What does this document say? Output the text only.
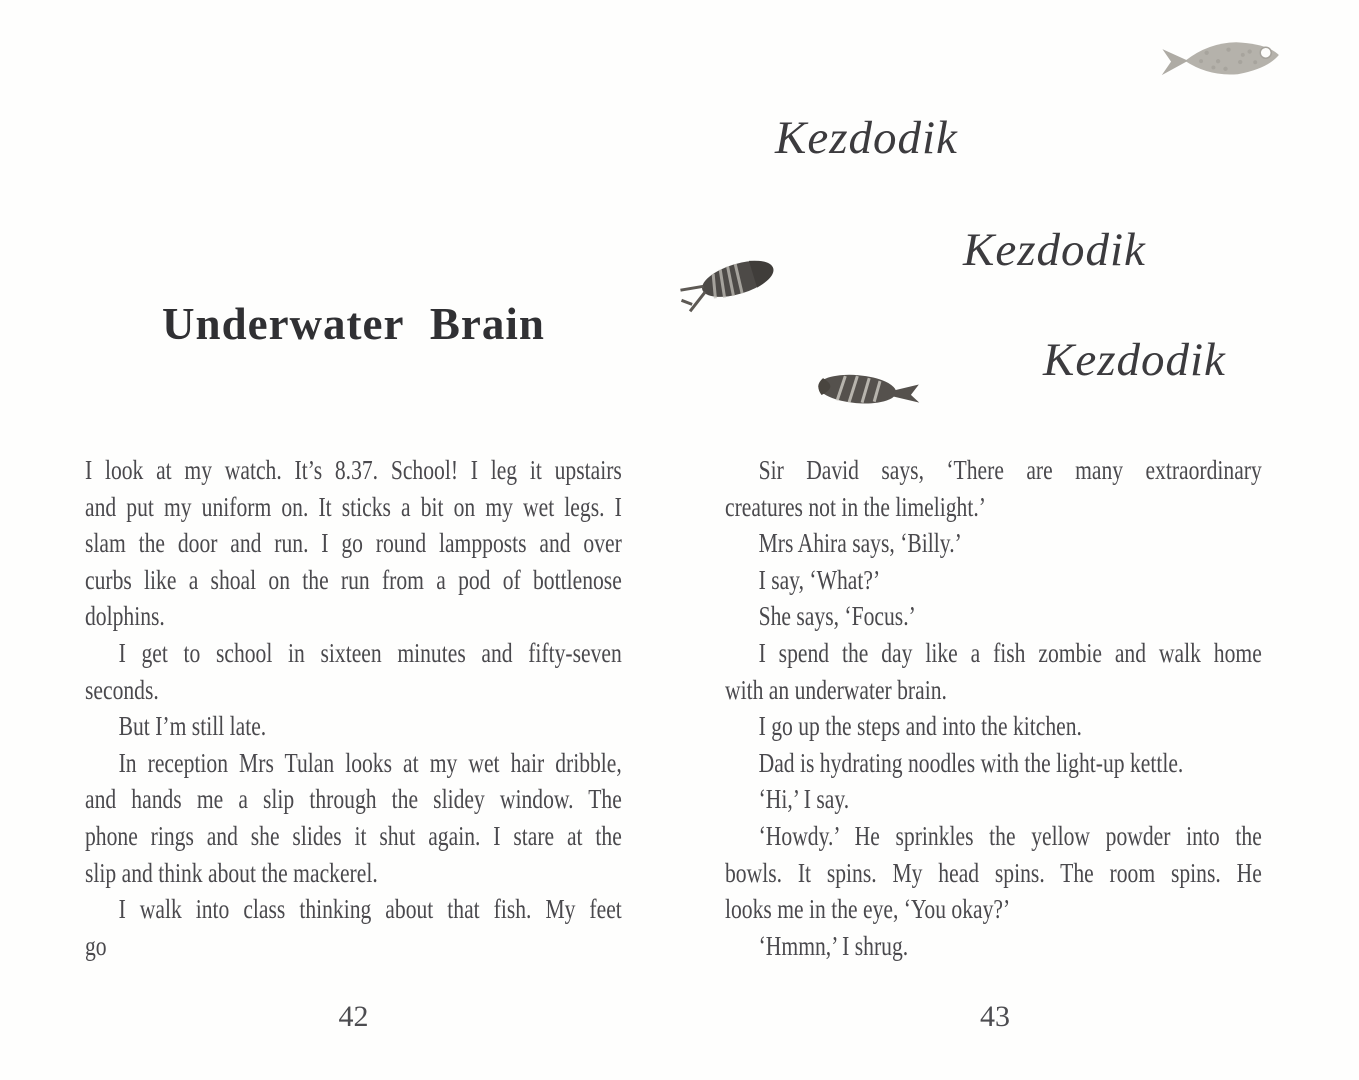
Underwater Brain
I look at my watch. It’s 8.37. School! I leg it upstairs
and put my uniform on. It sticks a bit on my wet legs. I
slam the door and run. I go round lampposts and over
curbs like a shoal on the run from a pod of bottlenose
dolphins.
I get to school in sixteen minutes and fifty-seven
seconds.
But I’m still late.
In reception Mrs Tulan looks at my wet hair dribble,
and hands me a slip through the slidey window. The
phone rings and she slides it shut again. I stare at the
slip and think about the mackerel.
I walk into class thinking about that fish. My feet
go
42
Kezdodik
Kezdodik
Kezdodik
Sir David says, ‘There are many extraordinary
creatures not in the limelight.’
Mrs Ahira says, ‘Billy.’
I say, ‘What?’
She says, ‘Focus.’
I spend the day like a fish zombie and walk home
with an underwater brain.
I go up the steps and into the kitchen.
Dad is hydrating noodles with the light-up kettle.
‘Hi,’ I say.
‘Howdy.’ He sprinkles the yellow powder into the
bowls. It spins. My head spins. The room spins. He
looks me in the eye, ‘You okay?’
‘Hmmn,’ I shrug.
43
